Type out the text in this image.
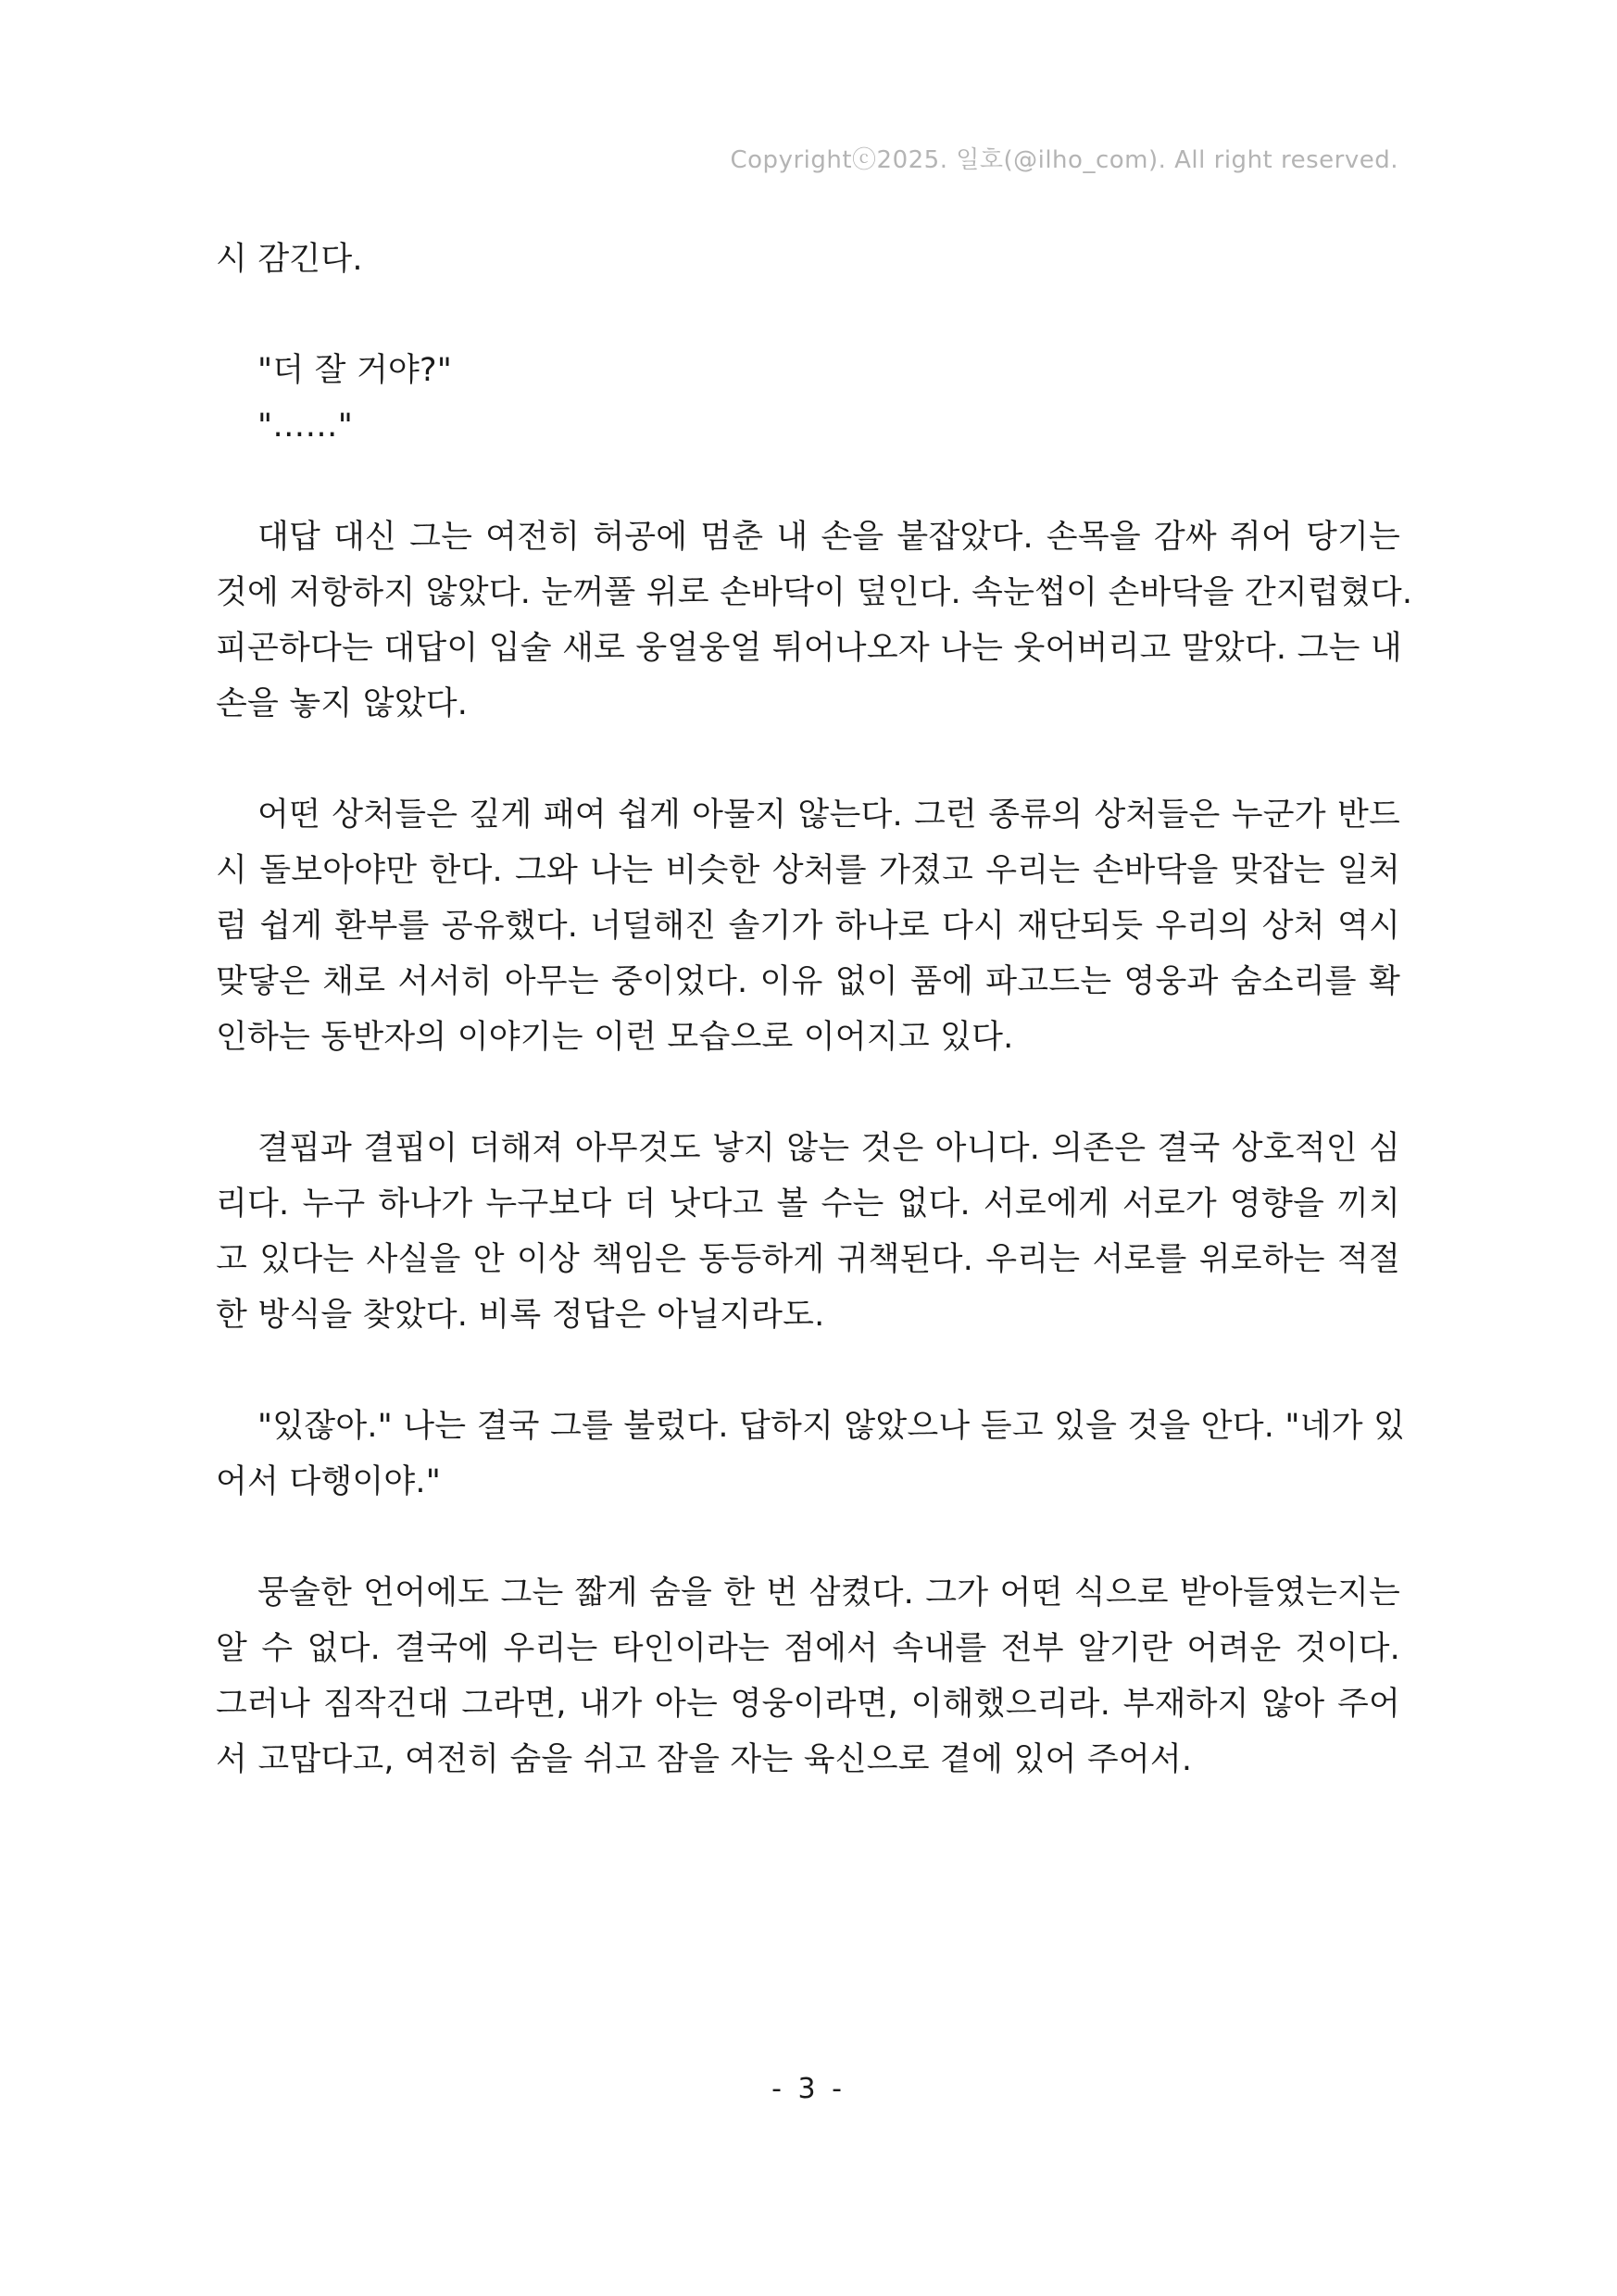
Copyrightⓒ2025. 일호(@ilho_com). All right reserved.
시 감긴다.
"더 잘 거야?"
"……"
대답 대신 그는 여전히 허공에 멈춘 내 손을 붙잡았다. 손목을 감싸 쥐어 당기는
것에 저항하지 않았다. 눈꺼풀 위로 손바닥이 덮인다. 속눈썹이 손바닥을 간지럽혔다.
피곤하다는 대답이 입술 새로 웅얼웅얼 튀어나오자 나는 웃어버리고 말았다. 그는 내
손을 놓지 않았다.
어떤 상처들은 깊게 패여 쉽게 아물지 않는다. 그런 종류의 상처들은 누군가 반드
시 돌보아야만 한다. 그와 나는 비슷한 상처를 가졌고 우리는 손바닥을 맞잡는 일처
럼 쉽게 환부를 공유했다. 너덜해진 솔기가 하나로 다시 재단되듯 우리의 상처 역시
맞닿은 채로 서서히 아무는 중이었다. 이유 없이 품에 파고드는 영웅과 숨소리를 확
인하는 동반자의 이야기는 이런 모습으로 이어지고 있다.
결핍과 결핍이 더해져 아무것도 낳지 않는 것은 아니다. 의존은 결국 상호적인 심
리다. 누구 하나가 누구보다 더 낫다고 볼 수는 없다. 서로에게 서로가 영향을 끼치
고 있다는 사실을 안 이상 책임은 동등하게 귀책된다. 우리는 서로를 위로하는 적절
한 방식을 찾았다. 비록 정답은 아닐지라도.
"있잖아." 나는 결국 그를 불렀다. 답하지 않았으나 듣고 있을 것을 안다. "네가 있
어서 다행이야."
뭉술한 언어에도 그는 짧게 숨을 한 번 삼켰다. 그가 어떤 식으로 받아들였는지는
알 수 없다. 결국에 우리는 타인이라는 점에서 속내를 전부 알기란 어려운 것이다.
그러나 짐작건대 그라면, 내가 아는 영웅이라면, 이해했으리라. 부재하지 않아 주어
서 고맙다고, 여전히 숨을 쉬고 잠을 자는 육신으로 곁에 있어 주어서.
- 3 -
